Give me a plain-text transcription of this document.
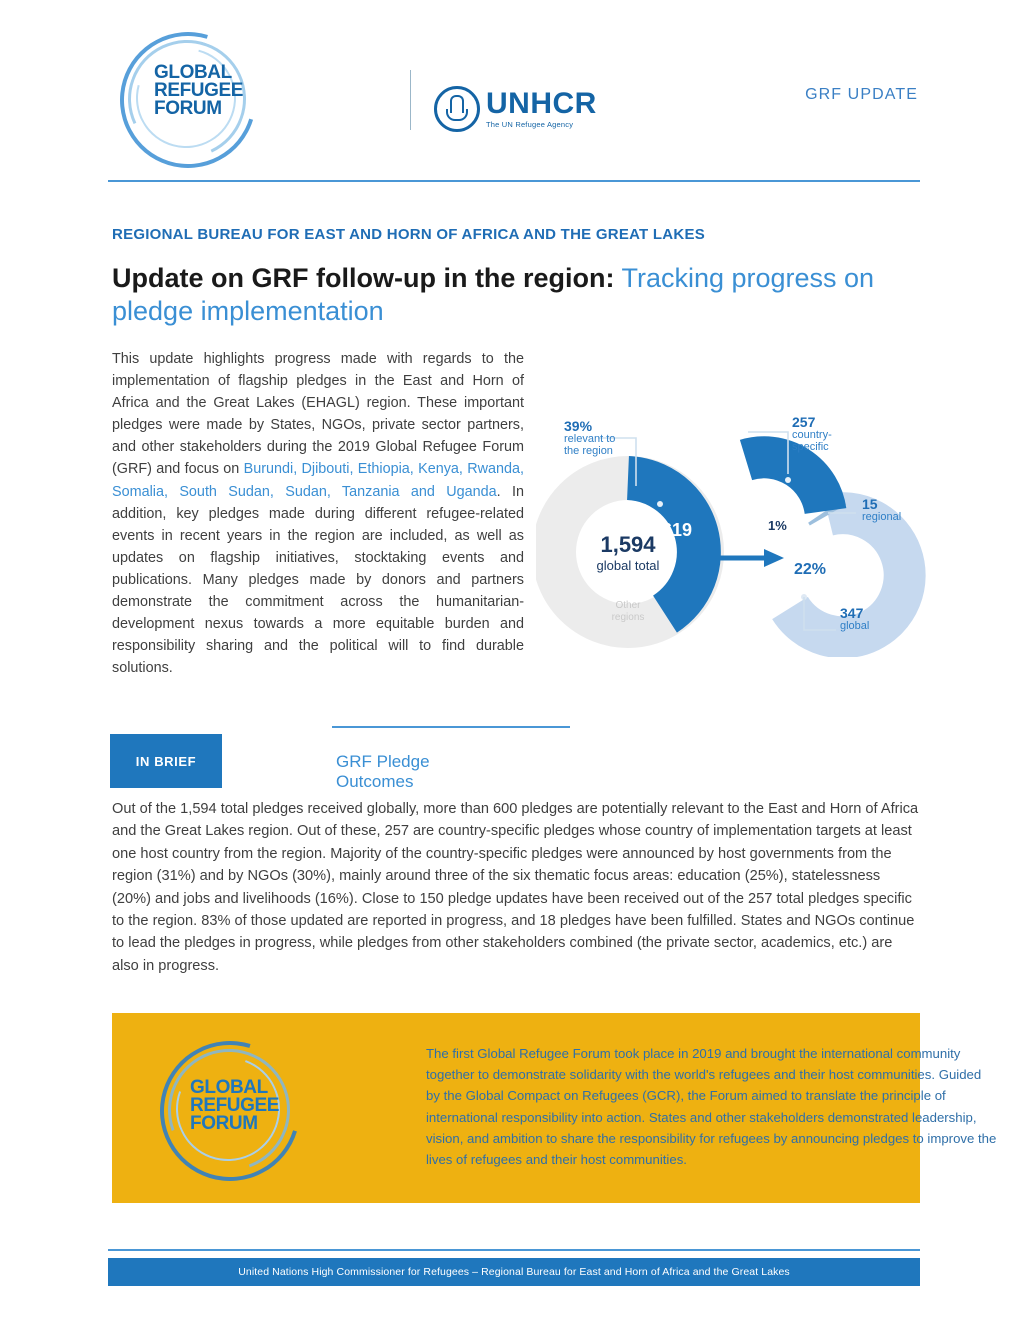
GLOBAL
REFUGEE
FORUM	UNHCR
The UN Refugee Agency
GRF UPDATE
REGIONAL BUREAU FOR EAST AND HORN OF AFRICA AND THE GREAT LAKES
Update on GRF follow-up in the region: Tracking progress on pledge implementation
This update highlights progress made with regards to the implementation of flagship pledges in the East and Horn of Africa and the Great Lakes (EHAGL) region. These important pledges were made by States, NGOs, private sector partners, and other stakeholders during the 2019 Global Refugee Forum (GRF) and focus on Burundi, Djibouti, Ethiopia, Kenya, Rwanda, Somalia, South Sudan, Sudan, Tanzania and Uganda. In addition, key pledges made during different refugee-related events in recent years in the region are included, as well as updates on flagship initiatives, stocktaking events and publications. Many pledges made by donors and partners demonstrate the commitment across the humanitarian-development nexus towards a more equitable burden and responsibility sharing and the political will to find durable solutions.
619
16%
1%
22%
1,594
global total
Other
regions
39%
relevant to
the region
257
country-
specific
15
regional
347
global
IN BRIEF	GRF Pledge Outcomes
Out of the 1,594 total pledges received globally, more than 600 pledges are potentially relevant to the East and Horn of Africa and the Great Lakes region. Out of these, 257 are country-specific pledges whose country of implementation targets at least one host country from the region. Majority of the country-specific pledges were announced by host governments from the region (31%) and by NGOs (30%), mainly around three of the six thematic focus areas: education (25%), statelessness (20%) and jobs and livelihoods (16%). Close to 150 pledge updates have been received out of the 257 total pledges specific to the region. 83% of those updated are reported in progress, and 18 pledges have been fulfilled. States and NGOs continue to lead the pledges in progress, while pledges from other stakeholders combined (the private sector, academics, etc.) are also in progress.
GLOBAL
REFUGEE
FORUM
The first Global Refugee Forum took place in 2019 and brought the international community together to demonstrate solidarity with the world's refugees and their host communities. Guided by the Global Compact on Refugees (GCR), the Forum aimed to translate the principle of international responsibility into action. States and other stakeholders demonstrated leadership, vision, and ambition to share the responsibility for refugees by announcing pledges to improve the lives of refugees and their host communities.
United Nations High Commissioner for Refugees – Regional Bureau for East and Horn of Africa and the Great Lakes
